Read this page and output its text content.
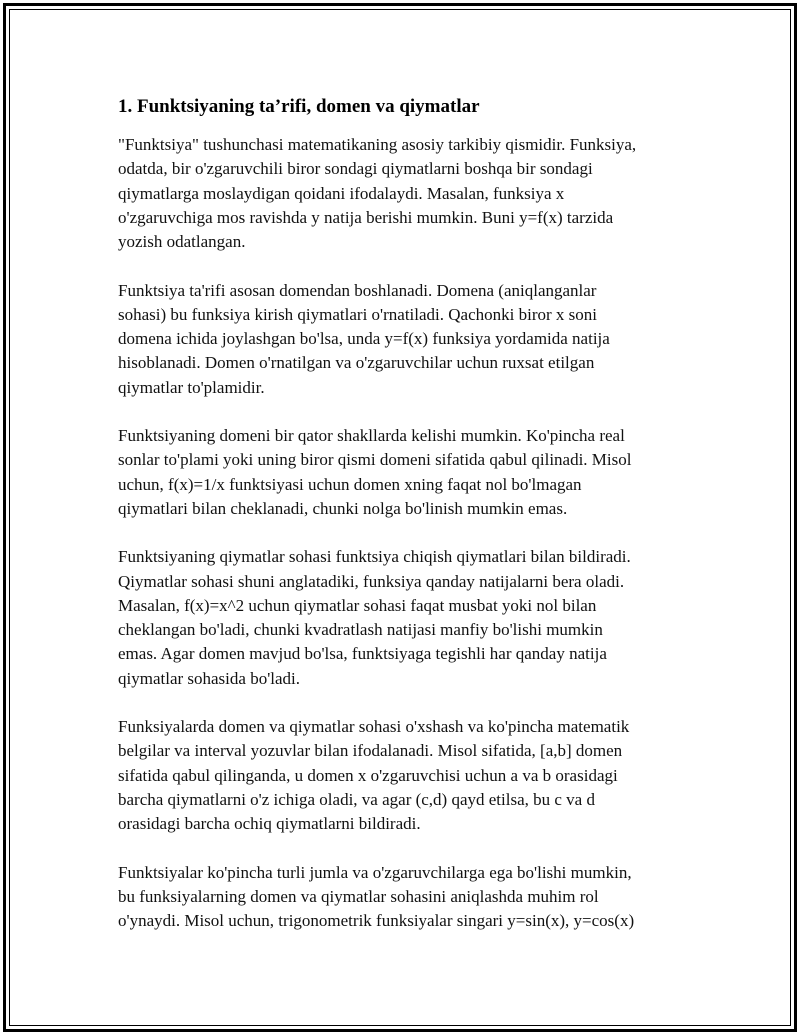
1. Funktsiyaning ta’rifi, domen va qiymatlar
"Funktsiya" tushunchasi matematikaning asosiy tarkibiy qismidir. Funksiya,
odatda, bir o'zgaruvchili biror sondagi qiymatlarni boshqa bir sondagi
qiymatlarga moslaydigan qoidani ifodalaydi. Masalan, funksiya x
o'zgaruvchiga mos ravishda y natija berishi mumkin. Buni y=f(x) tarzida
yozish odatlangan.
Funktsiya ta'rifi asosan domendan boshlanadi. Domena (aniqlanganlar
sohasi) bu funksiya kirish qiymatlari o'rnatiladi. Qachonki biror x soni
domena ichida joylashgan bo'lsa, unda y=f(x) funksiya yordamida natija
hisoblanadi. Domen o'rnatilgan va o'zgaruvchilar uchun ruxsat etilgan
qiymatlar to'plamidir.
Funktsiyaning domeni bir qator shakllarda kelishi mumkin. Ko'pincha real
sonlar to'plami yoki uning biror qismi domeni sifatida qabul qilinadi. Misol
uchun, f(x)=1/x funktsiyasi uchun domen xning faqat nol bo'lmagan
qiymatlari bilan cheklanadi, chunki nolga bo'linish mumkin emas.
Funktsiyaning qiymatlar sohasi funktsiya chiqish qiymatlari bilan bildiradi.
Qiymatlar sohasi shuni anglatadiki, funksiya qanday natijalarni bera oladi.
Masalan, f(x)=x^2 uchun qiymatlar sohasi faqat musbat yoki nol bilan
cheklangan bo'ladi, chunki kvadratlash natijasi manfiy bo'lishi mumkin
emas. Agar domen mavjud bo'lsa, funktsiyaga tegishli har qanday natija
qiymatlar sohasida bo'ladi.
Funksiyalarda domen va qiymatlar sohasi o'xshash va ko'pincha matematik
belgilar va interval yozuvlar bilan ifodalanadi. Misol sifatida, [a,b] domen
sifatida qabul qilinganda, u domen x o'zgaruvchisi uchun a va b orasidagi
barcha qiymatlarni o'z ichiga oladi, va agar (c,d) qayd etilsa, bu c va d
orasidagi barcha ochiq qiymatlarni bildiradi.
Funktsiyalar ko'pincha turli jumla va o'zgaruvchilarga ega bo'lishi mumkin,
bu funksiyalarning domen va qiymatlar sohasini aniqlashda muhim rol
o'ynaydi. Misol uchun, trigonometrik funksiyalar singari y=sin(x), y=cos(x)
